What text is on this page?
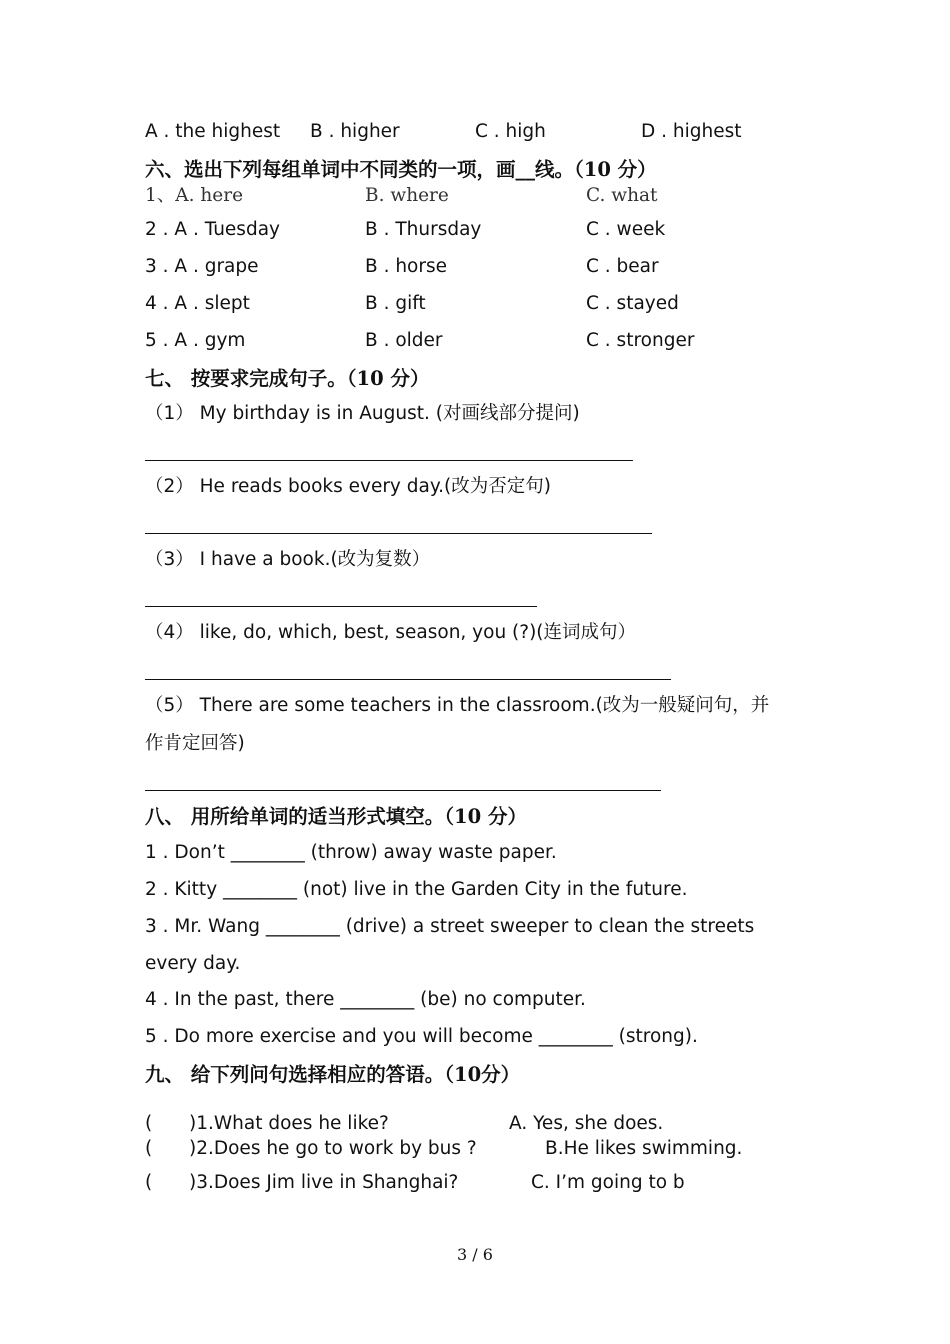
A . the highest B . higher	C . high	D . highest
六、选出下列每组单词中不同类的一项，画__线。（10 分）
1、A. here	B. where	C. what
2 . A . Tuesday	B . Thursday	C . week
3 . A . grape	B . horse	C . bear
4 . A . slept	B . gift	C . stayed
5 . A . gym	B . older	C . stronger
七、 按要求完成句子。（10 分）
（1） My birthday is in August. (对画线部分提问)
（2） He reads books every day.(改为否定句)
（3） I have a book.(改为复数）
（4） like, do, which, best, season, you (?)(连词成句）
（5） There are some teachers in the classroom.(改为一般疑问句，并
作肯定回答)
八、 用所给单词的适当形式填空。（10 分）
1 . Don’t ________ (throw) away waste paper.
2 . Kitty ________ (not) live in the Garden City in the future.
3 . Mr. Wang ________ (drive) a street sweeper to clean the streets
every day.
4 . In the past, there ________ (be) no computer.
5 . Do more exercise and you will become ________ (strong).
九、 给下列问句选择相应的答语。（10分）
( )1.What does he like?	A. Yes, she does.
( )2.Does he go to work by bus ?	B.He likes swimming.
( )3.Does Jim live in Shanghai?	C. I’m going to b
3 / 6
